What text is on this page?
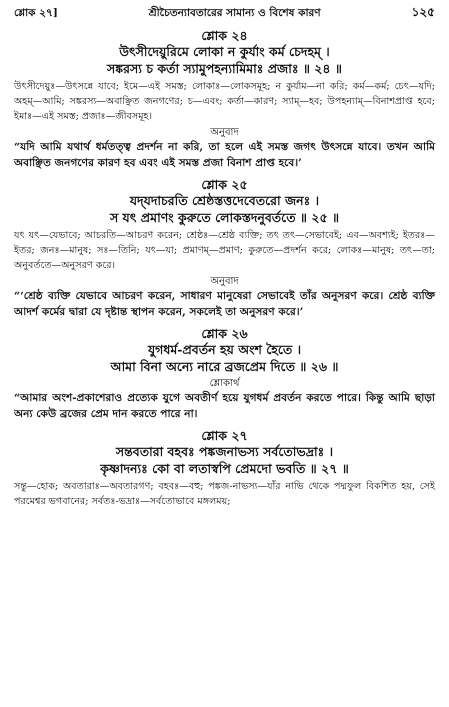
শ্লোক ২৭]	শ্রীচৈতন্যাবতারের সামান্য ও বিশেষ কারণ	১২৫

শ্লোক ২৪

উৎসীদেয়ুরিমে লোকা ন কুর্যাং কর্ম চেদহম্‌ ।

সঙ্করস্য চ কর্তা স্যামুপহন্যামিমাঃ প্রজাঃ ॥ ২৪ ॥

উৎসীদেয়ুঃ—উৎসন্নে যাবে; ইমে—এই সমস্ত; লোকাঃ—লোকসমূহ; ন কুর্যাম—না করি; কর্ম—কর্ম; চেৎ—যদি; অহম্‌—আমি; সঙ্করস্য—অবাঞ্ছিত জনগণের; চ—এবং; কর্তা—কারণ; স্যাম্‌—হব; উপহন্যাম্‌—বিনাশপ্রাপ্ত হবে; ইমাঃ—এই সমস্ত; প্রজাঃ—জীবসমূহ।

অনুবাদ

“যদি আমি যথার্থ ধর্মতত্ত্ব প্রদর্শন না করি, তা হলে এই সমস্ত জগৎ উৎসন্নে যাবে। তখন আমি অবাঞ্ছিত জনগণের কারণ হব এবং এই সমস্ত প্রজা বিনাশ প্রাপ্ত হবে।’

শ্লোক ২৫

যদ্‌যদাচরতি শ্রেষ্ঠস্তত্তদেবেতরো জনঃ ।

স যৎ প্রমাণং কুরুতে লোকস্তদনুবর্ততে ॥ ২৫ ॥

যৎ যৎ—যেভাবে; আচরতি—আচরণ করেন; শ্রেষ্ঠঃ—শ্রেষ্ঠ ব্যক্তি; তৎ তৎ—সেভাবেই; এব—অবশ্যই; ইতরঃ—ইতর; জনঃ—মানুষ; সঃ—তিনি; যৎ—যা; প্রমাণম্‌—প্রমাণ; কুরুতে—প্রদর্শন করে; লোকঃ—মানুষ; তৎ—তা; অনুবর্ততে—অনুসরণ করে।

অনুবাদ

“‘শ্রেষ্ঠ ব্যক্তি যেভাবে আচরণ করেন, সাধারণ মানুষেরা সেভাবেই তাঁর অনুসরণ করে। শ্রেষ্ঠ ব্যক্তি আদর্শ কর্মের দ্বারা যে দৃষ্টান্ত স্থাপন করেন, সকলেই তা অনুসরণ করে।’

শ্লোক ২৬

যুগধর্ম-প্রবর্তন হয় অংশ হৈতে ।

আমা বিনা অন্যে নারে ব্রজপ্রেম দিতে ॥ ২৬ ॥

শ্লোকার্থ

“আমার অংশ-প্রকাশেরাও প্রত্যেক যুগে অবতীর্ণ হয়ে যুগধর্ম প্রবর্তন করতে পারে। কিন্তু আমি ছাড়া অন্য কেউ ব্রজের প্রেম দান করতে পারে না।

শ্লোক ২৭

সন্তবতারা বহবঃ পঙ্কজনাভস্য সর্বতোভদ্রাঃ ।

কৃষ্ণাদন্যঃ কো বা লতাস্বপি প্রেমদো ভবতি ॥ ২৭ ॥

সন্তু—হোক; অবতারাঃ—অবতারগণ; বহবঃ—বহু; পঙ্কজ-নাভস্য—যাঁর নাভি থেকে পদ্মফুল বিকশিত হয়, সেই পরমেশ্বর ভগবানের; সর্বতঃ-ভদ্রাঃ—সর্বতোভাবে মঙ্গলময়;
